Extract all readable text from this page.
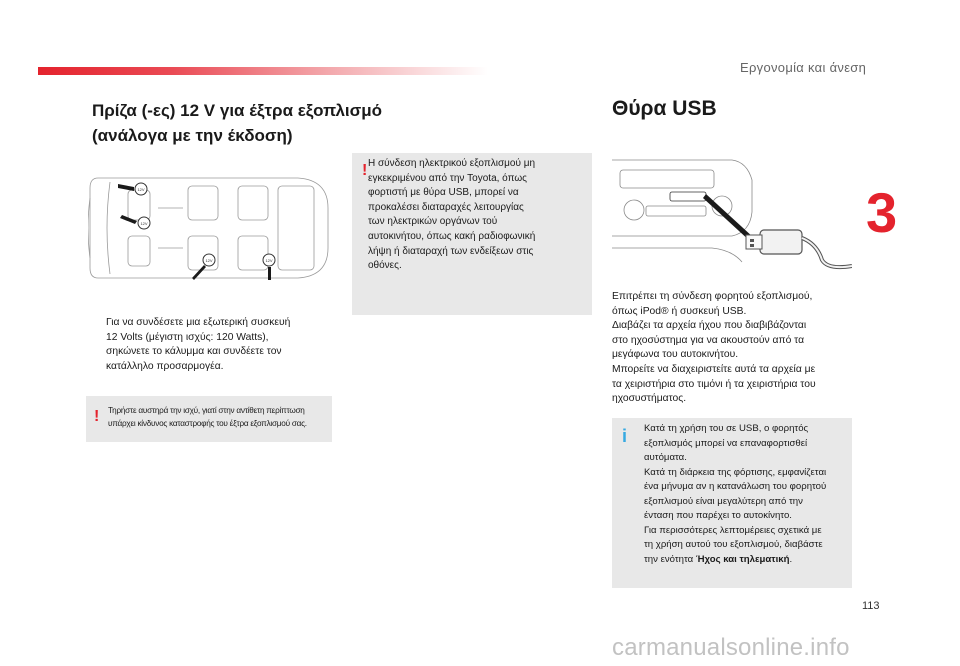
Εργονομία και άνεση
3
Πρίζα (-ες) 12 V για έξτρα εξοπλισμό
(ανάλογα με την έκδοση)
12V
12V
12V	12V
Για να συνδέσετε μια εξωτερική συσκευή
12 Volts (μέγιστη ισχύς: 120 Watts),
σηκώνετε το κάλυμμα και συνδέετε τον
κατάλληλο προσαρμογέα.
! Τηρήστε αυστηρά την ισχύ, γιατί στην αντίθετη περίπτωση
υπάρχει κίνδυνος καταστροφής του έξτρα εξοπλισμού σας.
! Η σύνδεση ηλεκτρικού εξοπλισμού μη
εγκεκριμένου από την Toyota, όπως
φορτιστή με θύρα USB, μπορεί να
προκαλέσει διαταραχές λειτουργίας
των ηλεκτρικών οργάνων τού
αυτοκινήτου, όπως κακή ραδιοφωνική
λήψη ή διαταραχή των ενδείξεων στις
οθόνες.
Θύρα USB
Επιτρέπει τη σύνδεση φορητού εξοπλισμού,
όπως iPod® ή συσκευή USB.
Διαβάζει τα αρχεία ήχου που διαβιβάζονται
στο ηχοσύστημα για να ακουστούν από τα
μεγάφωνα του αυτοκινήτου.
Μπορείτε να διαχειριστείτε αυτά τα αρχεία με
τα χειριστήρια στο τιμόνι ή τα χειριστήρια του
ηχοσυστήματος.
i Κατά τη χρήση του σε USB, ο φορητός
εξοπλισμός μπορεί να επαναφορτισθεί
αυτόματα.
Κατά τη διάρκεια της φόρτισης, εμφανίζεται
ένα μήνυμα αν η κατανάλωση του φορητού
εξοπλισμού είναι μεγαλύτερη από την
ένταση που παρέχει το αυτοκίνητο.
Για περισσότερες λεπτομέρειες σχετικά με
τη χρήση αυτού του εξοπλισμού, διαβάστε
την ενότητα Ήχος και τηλεματική.
113
carmanualsonline.info
